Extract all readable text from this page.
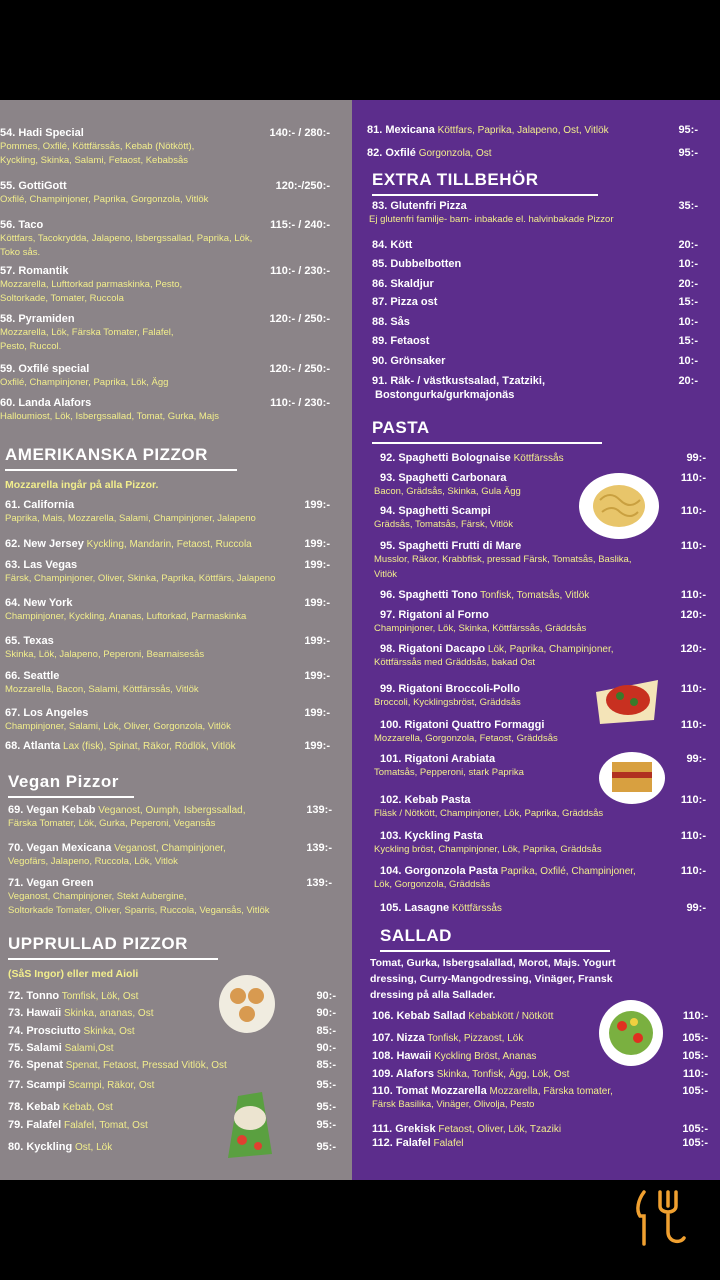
54. Hadi Special	140:- / 280:-
Pommes, Oxfilé, Köttfärssås, Kebab (Nötkött),
Kyckling, Skinka, Salami, Fetaost, Kebabsås
55. GottiGott	120:-/250:-
Oxfilé, Champinjoner, Paprika, Gorgonzola, Vitlök
56. Taco	115:- / 240:-
Köttfars, Tacokrydda, Jalapeno, Isbergssallad, Paprika, Lök,
Toko sås.
57. Romantik	110:- / 230:-
Mozzarella, Lufttorkad parmaskinka, Pesto,
Soltorkade, Tomater, Ruccola
58. Pyramiden	120:- / 250:-
Mozzarella, Lök, Färska Tomater, Falafel,
Pesto, Ruccol.
59. Oxfilé special	120:- / 250:-
Oxfilé, Champinjoner, Paprika, Lök, Ägg
60. Landa Alafors	110:- / 230:-
Halloumiost, Lök, Isbergssallad, Tomat, Gurka, Majs
AMERIKANSKA PIZZOR
Mozzarella ingår på alla Pizzor.
61. California	199:-
Paprika, Mais, Mozzarella, Salami, Champinjoner, Jalapeno
62. New Jersey Kyckling, Mandarin, Fetaost, Ruccola	199:-
63. Las Vegas	199:-
Färsk, Champinjoner, Oliver, Skinka, Paprika, Köttfärs, Jalapeno
64. New York	199:-
Champinjoner, Kyckling, Ananas, Luftorkad, Parmaskinka
65. Texas	199:-
Skinka, Lök, Jalapeno, Peperoni, Bearnaisesås
66. Seattle	199:-
Mozzarella, Bacon, Salami, Köttfärssås, Vitlök
67. Los Angeles	199:-
Champinjoner, Salami, Lök, Oliver, Gorgonzola, Vitlök
68. Atlanta Lax (fisk), Spinat, Räkor, Rödlök, Vitlök	199:-
Vegan Pizzor
69. Vegan Kebab Veganost, Oumph, Isbergssallad,	139:-
Färska Tomater, Lök, Gurka, Peperoni, Vegansås
70. Vegan Mexicana Veganost, Champinjoner,	139:-
Vegofärs, Jalapeno, Ruccola, Lök, Vitlok
71. Vegan Green	139:-
Veganost, Champinjoner, Stekt Aubergine,
Soltorkade Tomater, Oliver, Sparris, Ruccola, Vegansås, Vitlök
UPPRULLAD PIZZOR
(SåS Ingor) eller med Aioli
72. Tonno Tomfisk, Lök, Ost	90:-
73. Hawaii Skinka, ananas, Ost	90:-
74. Prosciutto Skinka, Ost	85:-
75. Salami Salami,Ost	90:-
76. Spenat Spenat, Fetaost, Pressad Vitlök, Ost	85:-
77. Scampi Scampi, Räkor, Ost	95:-
78. Kebab Kebab, Ost	95:-
79. Falafel Falafel, Tomat, Ost	95:-
80. Kyckling Ost, Lök	95:-
81. Mexicana Köttfars, Paprika, Jalapeno, Ost, Vitlök	95:-
82. Oxfilé Gorgonzola, Ost	95:-
EXTRA TILLBEHÖR
83. Glutenfri Pizza	35:-
Ej glutenfri familje- barn- inbakade el. halvinbakade Pizzor
84. Kött	20:-
85. Dubbelbotten	10:-
86. Skaldjur	20:-
87. Pizza ost	15:-
88. Sås	10:-
89. Fetaost	15:-
90. Grönsaker	10:-
91. Räk- / västkustsalad, Tzatziki,	20:-
Bostongurka/gurkmajonäs
PASTA
92. Spaghetti Bolognaise Köttfärssås	99:-
93. Spaghetti Carbonara	110:-
Bacon, Grädsås, Skinka, Gula Ägg
94. Spaghetti Scampi	110:-
Grädsås, Tomatsås, Färsk, Vitlök
95. Spaghetti Frutti di Mare	110:-
Musslor, Räkor, Krabbfisk, pressad Färsk, Tomatsås, Baslika,
Vitlök
96. Spaghetti Tono Tonfisk, Tomatsås, Vitlök	110:-
97. Rigatoni al Forno	120:-
Champinjoner, Lök, Skinka, Köttfärssås, Gräddsås
98. Rigatoni Dacapo Lök, Paprika, Champinjoner,	120:-
Köttfärssås med Gräddsås, bakad Ost
99. Rigatoni Broccoli-Pollo	110:-
Broccoli, Kycklingsbröst, Gräddsås
100. Rigatoni Quattro Formaggi	110:-
Mozzarella, Gorgonzola, Fetaost, Gräddsås
101. Rigatoni Arabiata	99:-
Tomatsås, Pepperoni, stark Paprika
102. Kebab Pasta	110:-
Fläsk / Nötkött, Champinjoner, Lök, Paprika, Gräddsås
103. Kyckling Pasta	110:-
Kyckling bröst, Champinjoner, Lök, Paprika, Gräddsås
104. Gorgonzola Pasta Paprika, Oxfilé, Champinjoner,	110:-
Lök, Gorgonzola, Gräddsås
105. Lasagne Köttfärssås	99:-
SALLAD
Tomat, Gurka, Isbergsalallad, Morot, Majs. Yogurt
dressing, Curry-Mangodressing, Vinäger, Fransk
dressing på alla Sallader.
106. Kebab Sallad Kebabkött / Nötkött	110:-
107. Nizza Tonfisk, Pizzaost, Lök	105:-
108. Hawaii Kyckling Bröst, Ananas	105:-
109. Alafors Skinka, Tonfisk, Ägg, Lök, Ost	110:-
110. Tomat Mozzarella Mozzarella, Färska tomater,	105:-
Färsk Basilika, Vinäger, Olivolja, Pesto
111. Grekisk Fetaost, Oliver, Lök, Tzaziki	105:-
112. Falafel Falafel	105:-
